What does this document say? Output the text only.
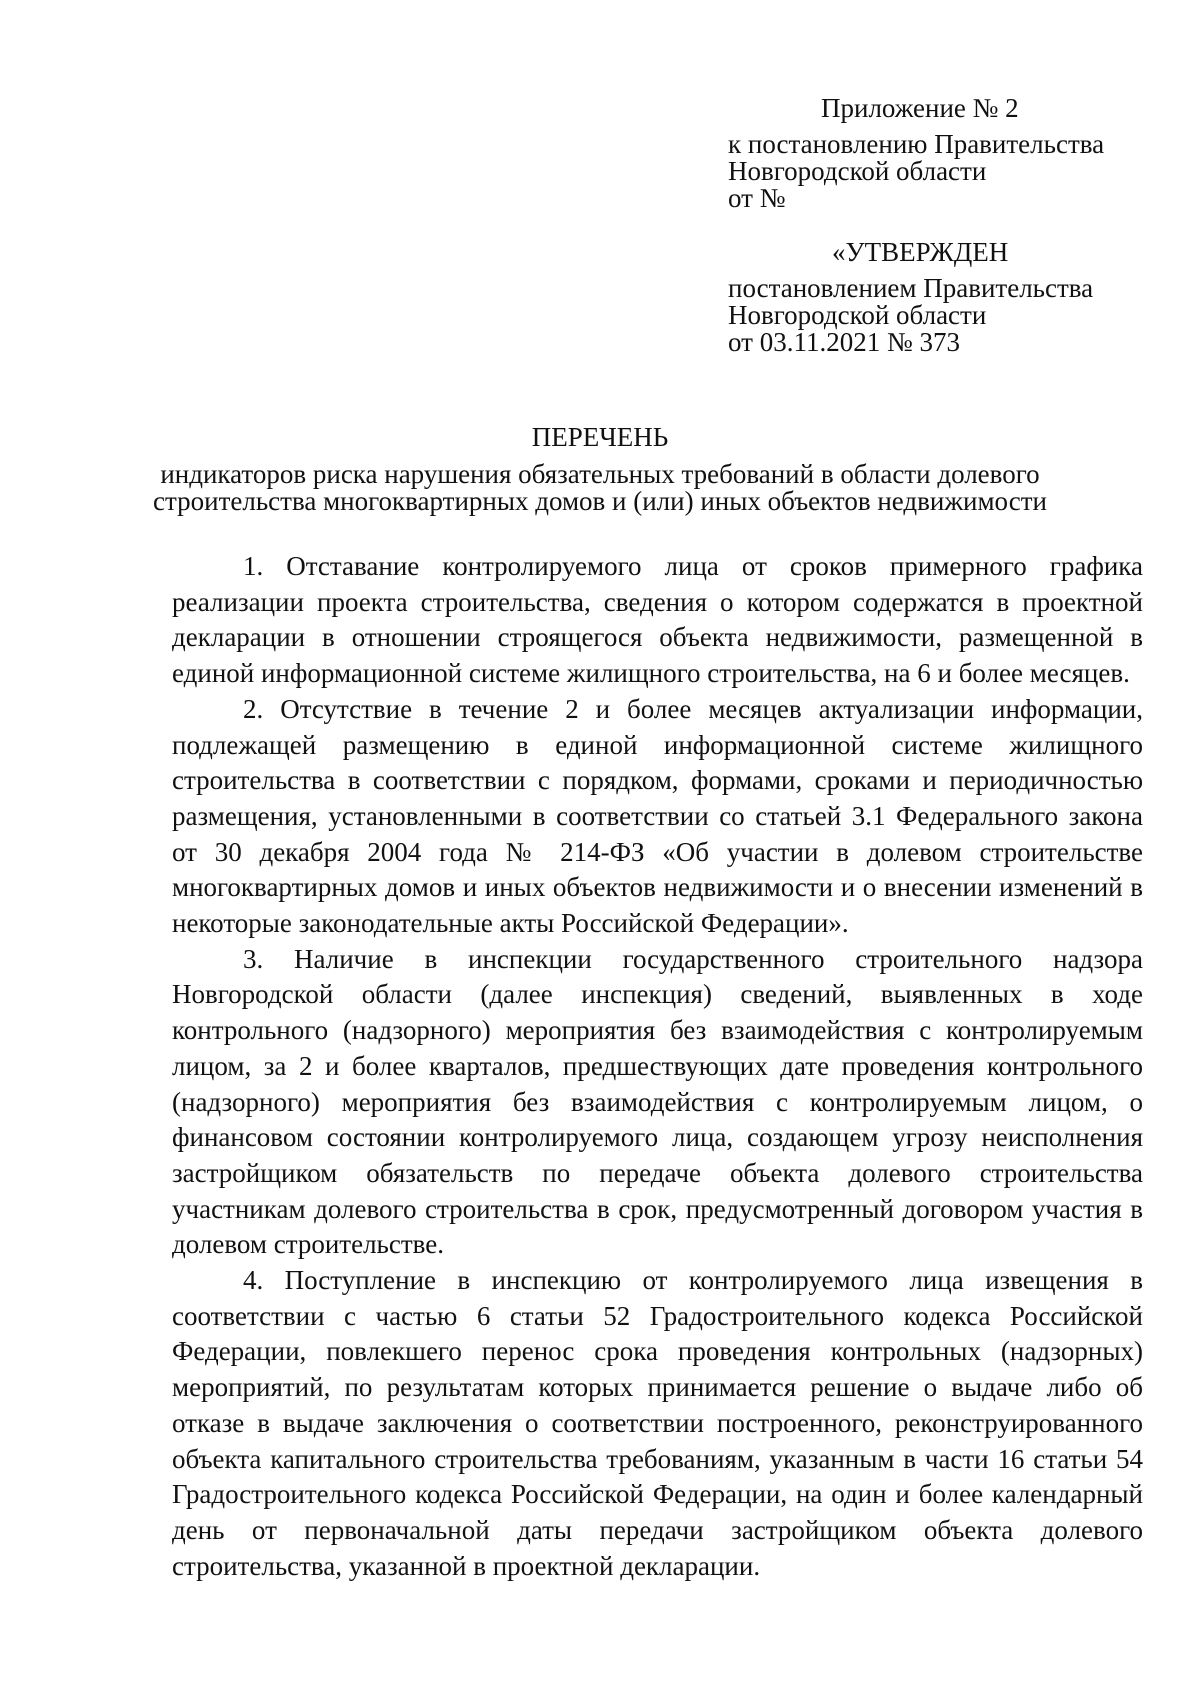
Приложение № 2
к постановлению Правительства
Новгородской области
от №
«УТВЕРЖДЕН
постановлением Правительства
Новгородской области
от 03.11.2021 № 373
ПЕРЕЧЕНЬ
индикаторов риска нарушения обязательных требований в области долевого
строительства многоквартирных домов и (или) иных объектов недвижимости

1. Отставание контролируемого лица от сроков примерного графика реализации проекта строительства, сведения о котором содержатся в проектной декларации в отношении строящегося объекта недвижимости, размещенной в единой информационной системе жилищного строительства, на 6 и более месяцев.

2. Отсутствие в течение 2 и более месяцев актуализации информации, подлежащей размещению в единой информационной системе жилищного строительства в соответствии с порядком, формами, сроками и периодичностью размещения, установленными в соответствии со статьей 3.1 Федерального закона от 30 декабря 2004 года № 214-ФЗ «Об участии в долевом строительстве многоквартирных домов и иных объектов недвижимости и о внесении изменений в некоторые законодательные акты Российской Федерации».

3. Наличие в инспекции государственного строительного надзора Новгородской области (далее инспекция) сведений, выявленных в ходе контрольного (надзорного) мероприятия без взаимодействия с контролируемым лицом, за 2 и более кварталов, предшествующих дате проведения контрольного (надзорного) мероприятия без взаимодействия с контролируемым лицом, о финансовом состоянии контролируемого лица, создающем угрозу неисполнения застройщиком обязательств по передаче объекта долевого строительства участникам долевого строительства в срок, предусмотренный договором участия в долевом строительстве.

4. Поступление в инспекцию от контролируемого лица извещения в соответствии с частью 6 статьи 52 Градостроительного кодекса Российской Федерации, повлекшего перенос срока проведения контрольных (надзорных) мероприятий, по результатам которых принимается решение о выдаче либо об отказе в выдаче заключения о соответствии построенного, реконструированного объекта капитального строительства требованиям, указанным в части 16 статьи 54 Градостроительного кодекса Российской Федерации, на один и более календарный день от первоначальной даты передачи застройщиком объекта долевого строительства, указанной в проектной декларации.
